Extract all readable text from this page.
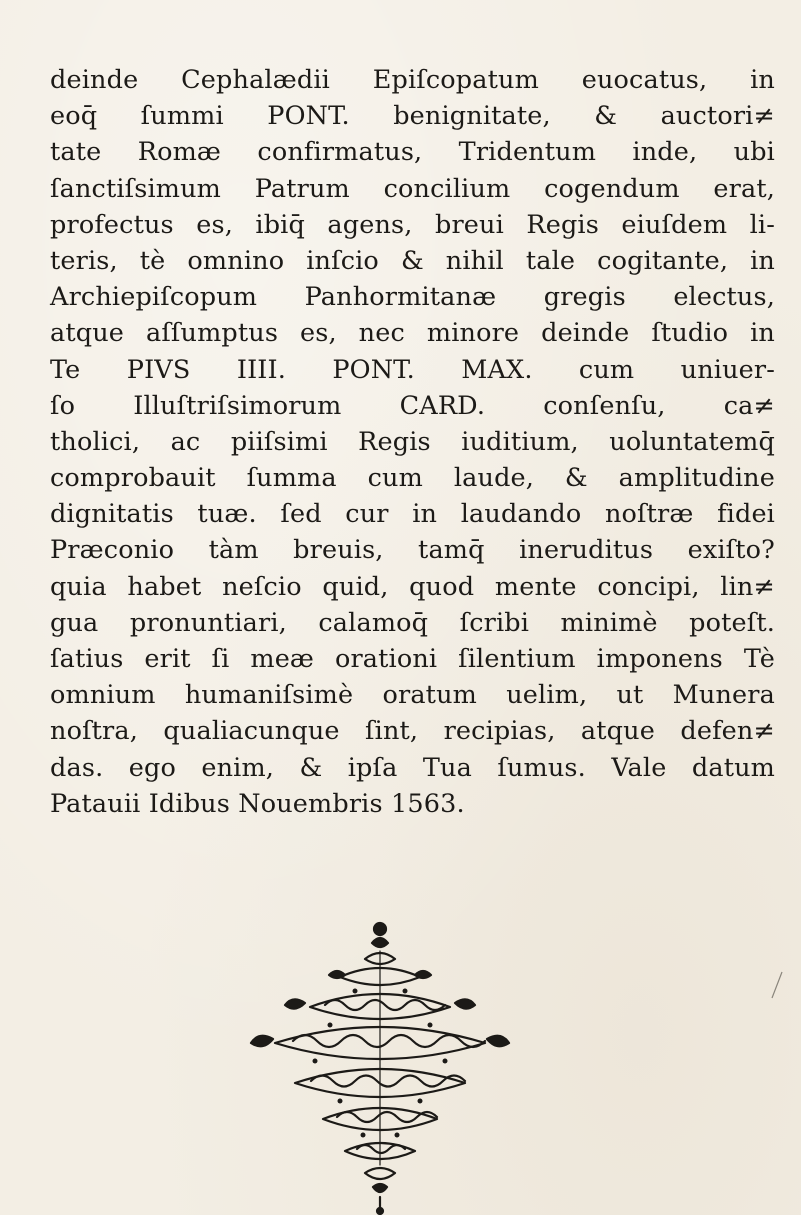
deinde Cephalædii Epiſcopatum euocatus, in
eoq̄ ſummi PONT. benignitate, & auctori≠
tate Romæ confirmatus, Tridentum inde, ubi
ſanctiſsimum Patrum concilium cogendum erat,
profectus es, ibiq̄ agens, breui Regis eiuſdem li‐
teris, tè omnino inſcio & nihil tale cogitante, in
Archiepiſcopum Panhormitanæ gregis electus,
atque aſſumptus es, nec minore deinde ſtudio in
Te PIVS IIII. PONT. MAX. cum uniuer‐
ſo Illuſtriſsimorum CARD. conſenſu, ca≠
tholici, ac piiſsimi Regis iuditium, uoluntatemq̄
comprobauit ſumma cum laude, & amplitudine
dignitatis tuæ. ſed cur in laudando noſtræ fidei
Præconio tàm breuis, tamq̄ ineruditus exiſto?
quia habet neſcio quid, quod mente concipi, lin≠
gua pronuntiari, calamoq̄ ſcribi minimè poteſt.
ſatius erit ſi meæ orationi ſilentium imponens Tè
omnium humaniſsimè oratum uelim, ut Munera
noſtra, qualiacunque ſint, recipias, atque defen≠
das. ego enim, & ipſa Tua ſumus. Vale datum
Patauii Idibus Nouembris 1563.
